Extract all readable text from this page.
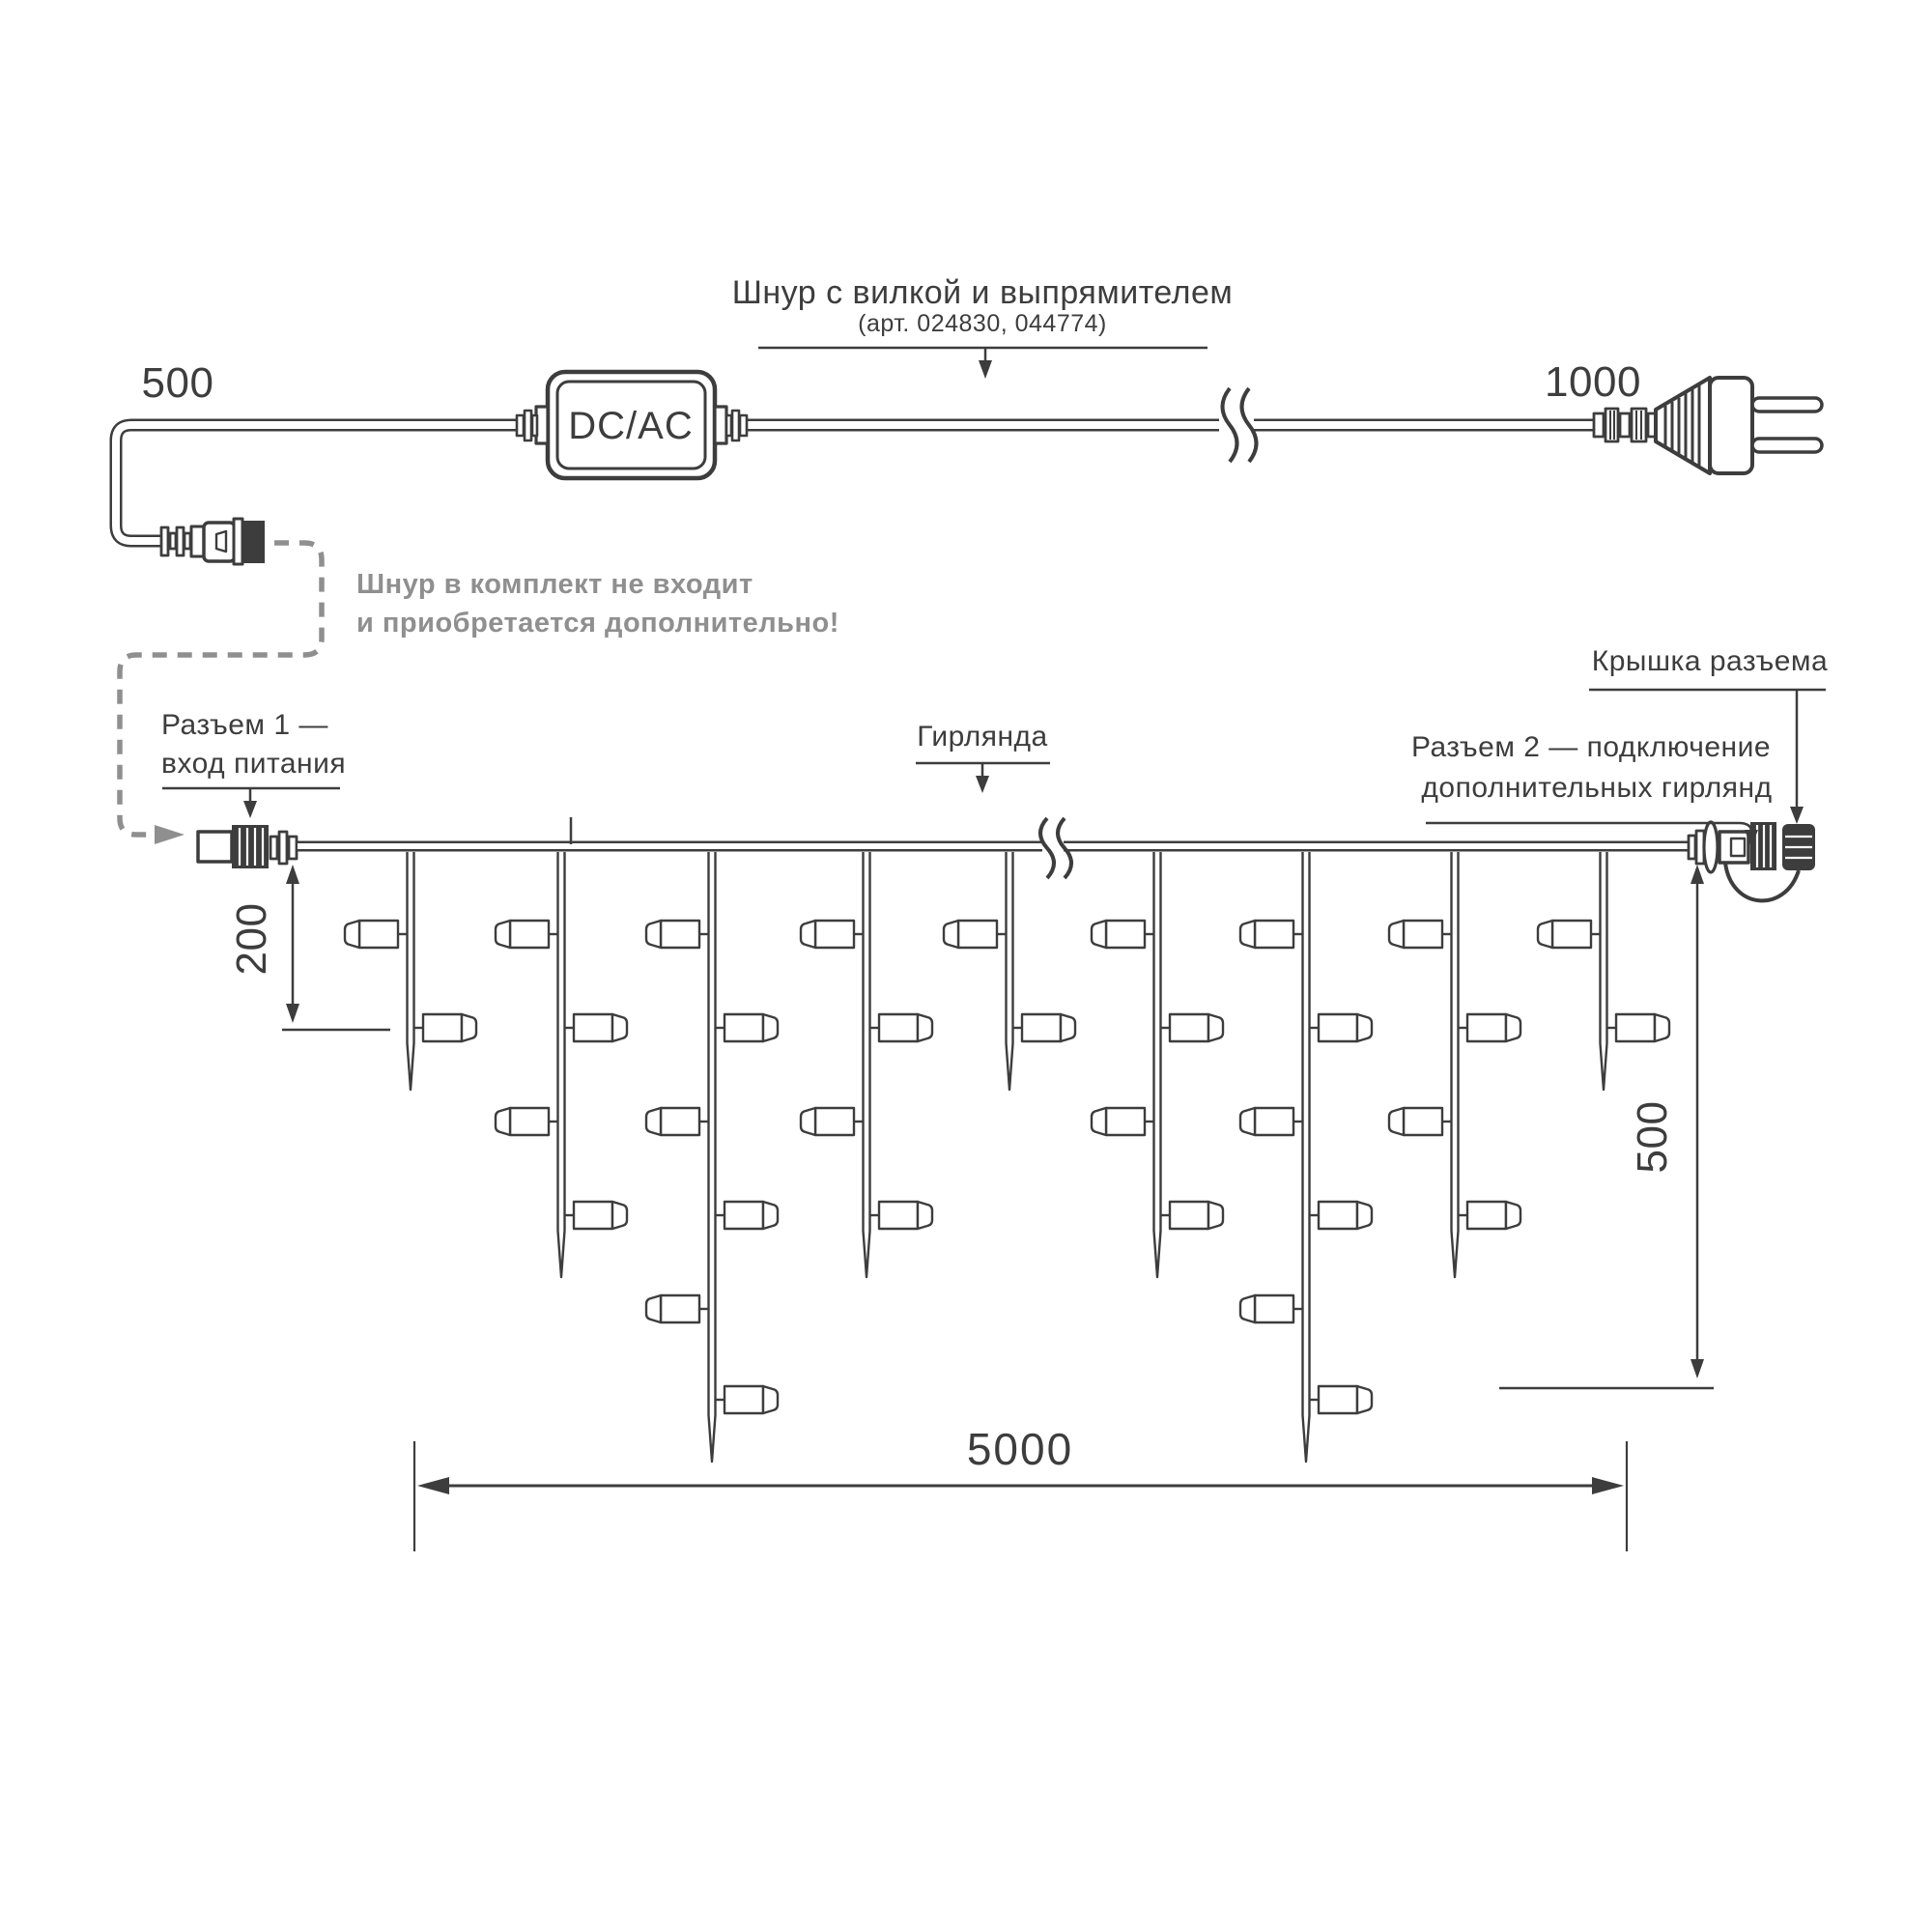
Шнур с вилкой и выпрямителем
(арт. 024830, 044774)
500	1000
DC/AC
Шнур в комплект не входит
и приобретается дополнительно!
Разъем 1 —
вход питания
Гирлянда	Разъем 2 — подключение
дополнительных гирлянд
Крышка разъема
200
500
5000
